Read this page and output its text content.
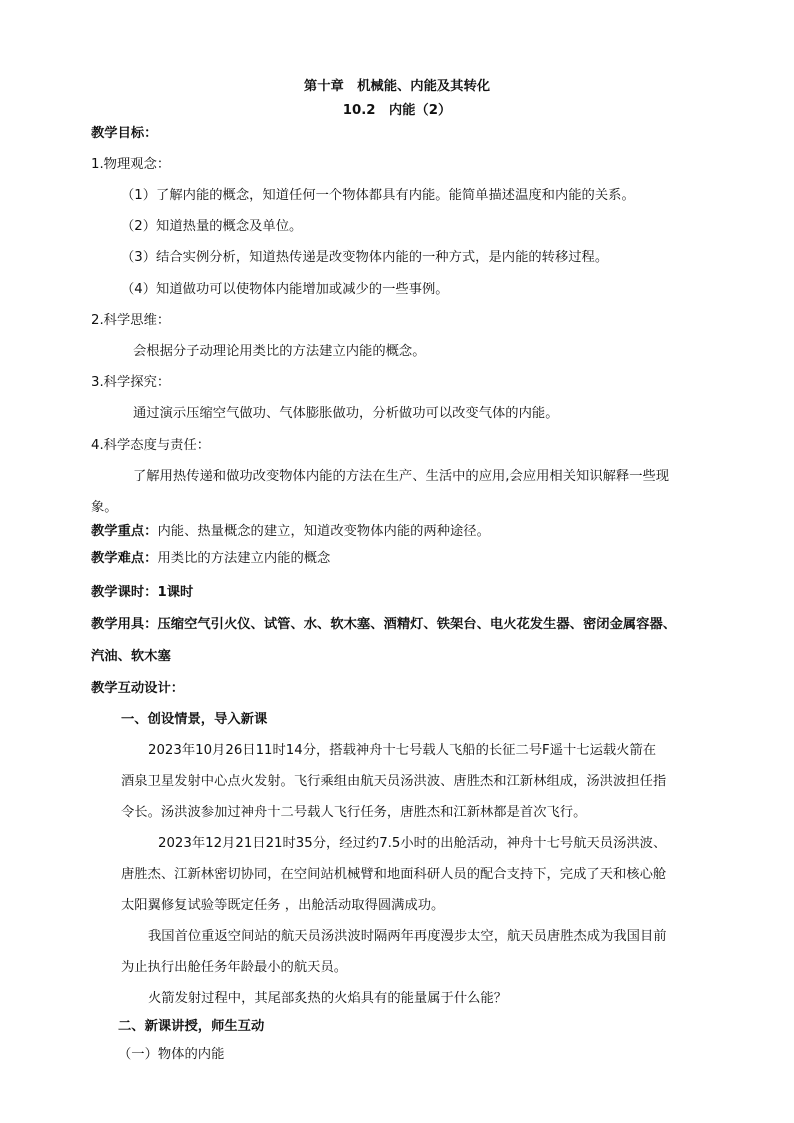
第十章　机械能、内能及其转化
10.2　内能（2）
教学目标：
1.物理观念：
（1）了解内能的概念，知道任何一个物体都具有内能。能简单描述温度和内能的关系。
（2）知道热量的概念及单位。
（3）结合实例分析，知道热传递是改变物体内能的一种方式，是内能的转移过程。
（4）知道做功可以使物体内能增加或减少的一些事例。
2.科学思维：
会根据分子动理论用类比的方法建立内能的概念。
3.科学探究：
通过演示压缩空气做功、气体膨胀做功，分析做功可以改变气体的内能。
4.科学态度与责任：
了解用热传递和做功改变物体内能的方法在生产、生活中的应用,会应用相关知识解释一些现
象。
教学重点：内能、热量概念的建立，知道改变物体内能的两种途径。
教学难点：用类比的方法建立内能的概念
教学课时：1课时
教学用具：压缩空气引火仪、试管、水、软木塞、酒精灯、铁架台、电火花发生器、密闭金属容器、
汽油、软木塞
教学互动设计：
一、创设情景，导入新课
2023年10月26日11时14分，搭载神舟十七号载人飞船的长征二号F遥十七运载火箭在
酒泉卫星发射中心点火发射。飞行乘组由航天员汤洪波、唐胜杰和江新林组成，汤洪波担任指
令长。汤洪波参加过神舟十二号载人飞行任务，唐胜杰和江新林都是首次飞行。
2023年12月21日21时35分，经过约7.5小时的出舱活动，神舟十七号航天员汤洪波、
唐胜杰、江新林密切协同，在空间站机械臂和地面科研人员的配合支持下，完成了天和核心舱
太阳翼修复试验等既定任务 ，出舱活动取得圆满成功。
我国首位重返空间站的航天员汤洪波时隔两年再度漫步太空，航天员唐胜杰成为我国目前
为止执行出舱任务年龄最小的航天员。
火箭发射过程中，其尾部炙热的火焰具有的能量属于什么能？
二、新课讲授，师生互动
（一）物体的内能
